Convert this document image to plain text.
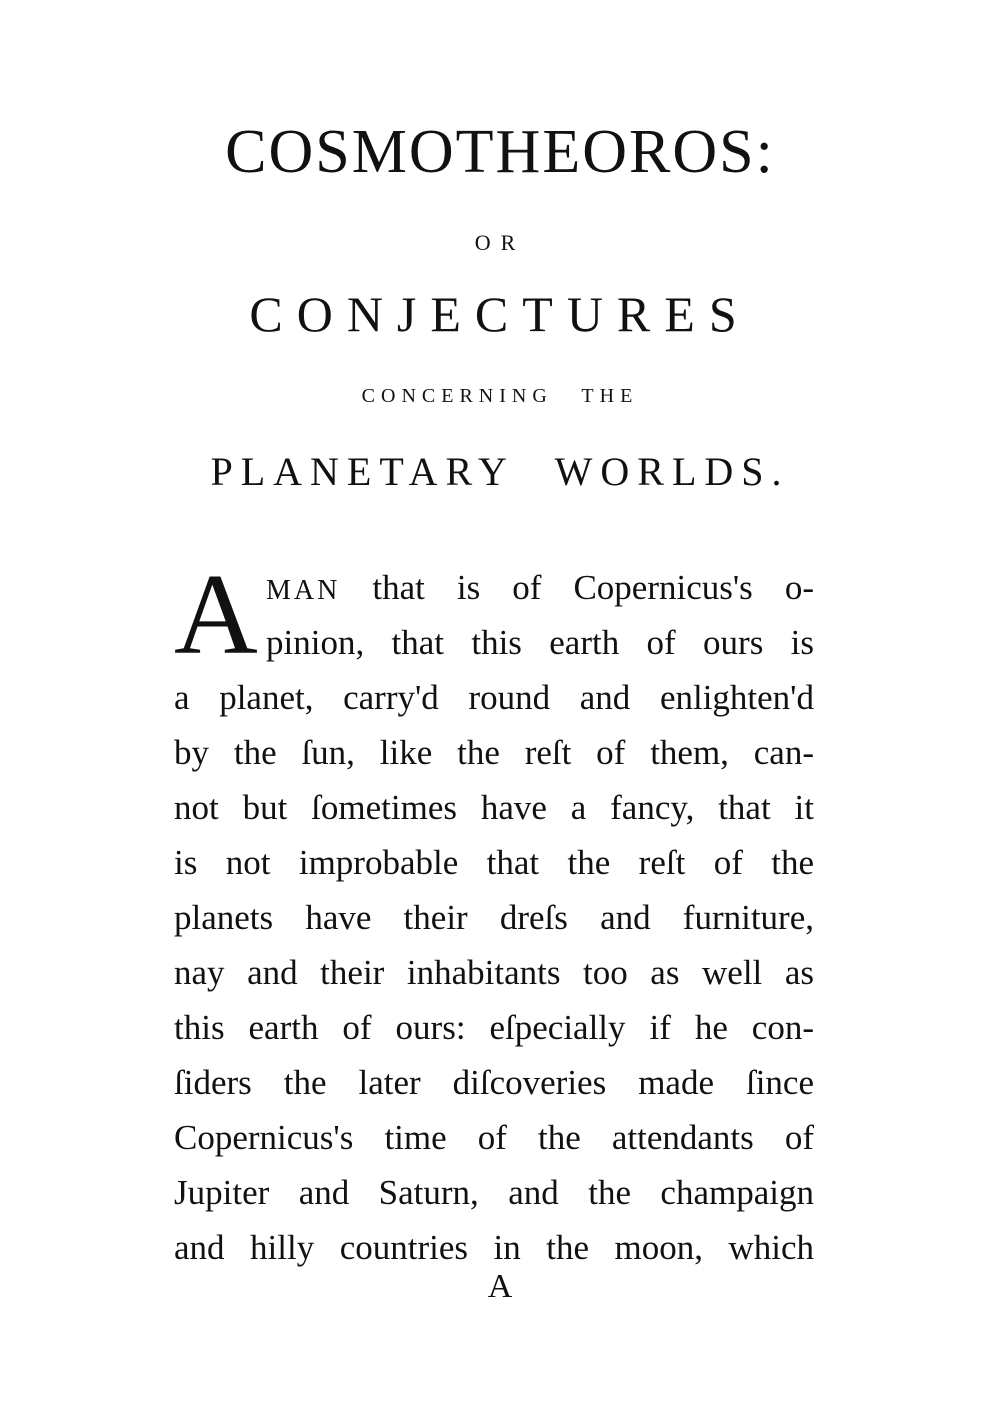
COSMOTHEOROS:
OR
CONJECTURES
CONCERNING THE
PLANETARY WORLDS.
A MAN that is of Copernicus's o-
pinion, that this earth of ours is
a planet, carry'd round and enlighten'd
by the ſun, like the reſt of them, can-
not but ſometimes have a fancy, that it
is not improbable that the reſt of the
planets have their dreſs and furniture,
nay and their inhabitants too as well as
this earth of ours: eſpecially if he con-
ſiders the later diſcoveries made ſince
Copernicus's time of the attendants of
Jupiter and Saturn, and the champaign
and hilly countries in the moon, which
A
